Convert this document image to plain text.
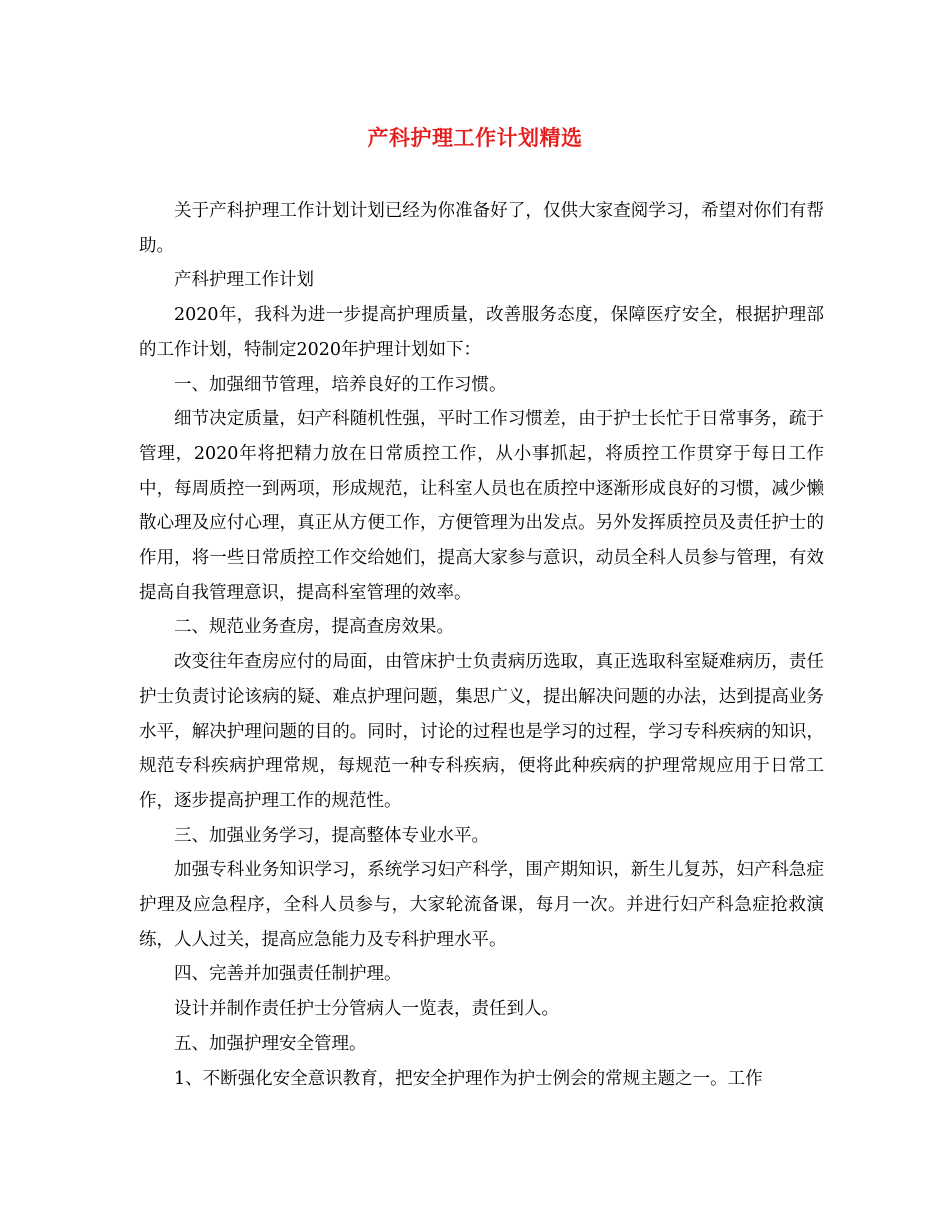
产科护理工作计划精选

关于产科护理工作计划计划已经为你准备好了，仅供大家查阅学习，希望对你们有帮助。

产科护理工作计划

2020年，我科为进一步提高护理质量，改善服务态度，保障医疗安全，根据护理部的工作计划，特制定2020年护理计划如下：

一、加强细节管理，培养良好的工作习惯。

细节决定质量，妇产科随机性强，平时工作习惯差，由于护士长忙于日常事务，疏于管理，2020年将把精力放在日常质控工作，从小事抓起，将质控工作贯穿于每日工作中，每周质控一到两项，形成规范，让科室人员也在质控中逐渐形成良好的习惯，减少懒散心理及应付心理，真正从方便工作，方便管理为出发点。另外发挥质控员及责任护士的作用，将一些日常质控工作交给她们，提高大家参与意识，动员全科人员参与管理，有效提高自我管理意识，提高科室管理的效率。

二、规范业务查房，提高查房效果。

改变往年查房应付的局面，由管床护士负责病历选取，真正选取科室疑难病历，责任护士负责讨论该病的疑、难点护理问题，集思广义，提出解决问题的办法，达到提高业务水平，解决护理问题的目的。同时，讨论的过程也是学习的过程，学习专科疾病的知识，规范专科疾病护理常规，每规范一种专科疾病，便将此种疾病的护理常规应用于日常工作，逐步提高护理工作的规范性。

三、加强业务学习，提高整体专业水平。

加强专科业务知识学习，系统学习妇产科学，围产期知识，新生儿复苏，妇产科急症护理及应急程序，全科人员参与，大家轮流备课，每月一次。并进行妇产科急症抢救演练，人人过关，提高应急能力及专科护理水平。

四、完善并加强责任制护理。

设计并制作责任护士分管病人一览表，责任到人。

五、加强护理安全管理。

1、不断强化安全意识教育，把安全护理作为护士例会的常规主题之一。工作
